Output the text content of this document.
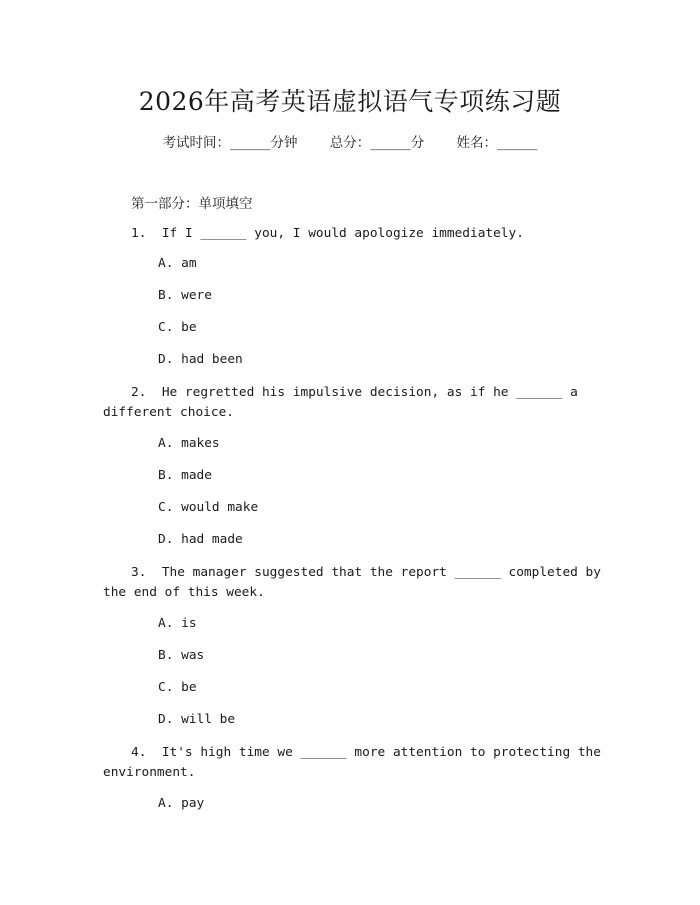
2026年高考英语虚拟语气专项练习题
考试时间：______分钟 总分：______分 姓名：______
第一部分：单项填空
1.  If I ______ you, I would apologize immediately.
A. am
B. were
C. be
D. had been
2.  He regretted his impulsive decision, as if he ______ a different choice.
A. makes
B. made
C. would make
D. had made
3.  The manager suggested that the report ______ completed by the end of this week.
A. is
B. was
C. be
D. will be
4.  It's high time we ______ more attention to protecting the environment.
A. pay
